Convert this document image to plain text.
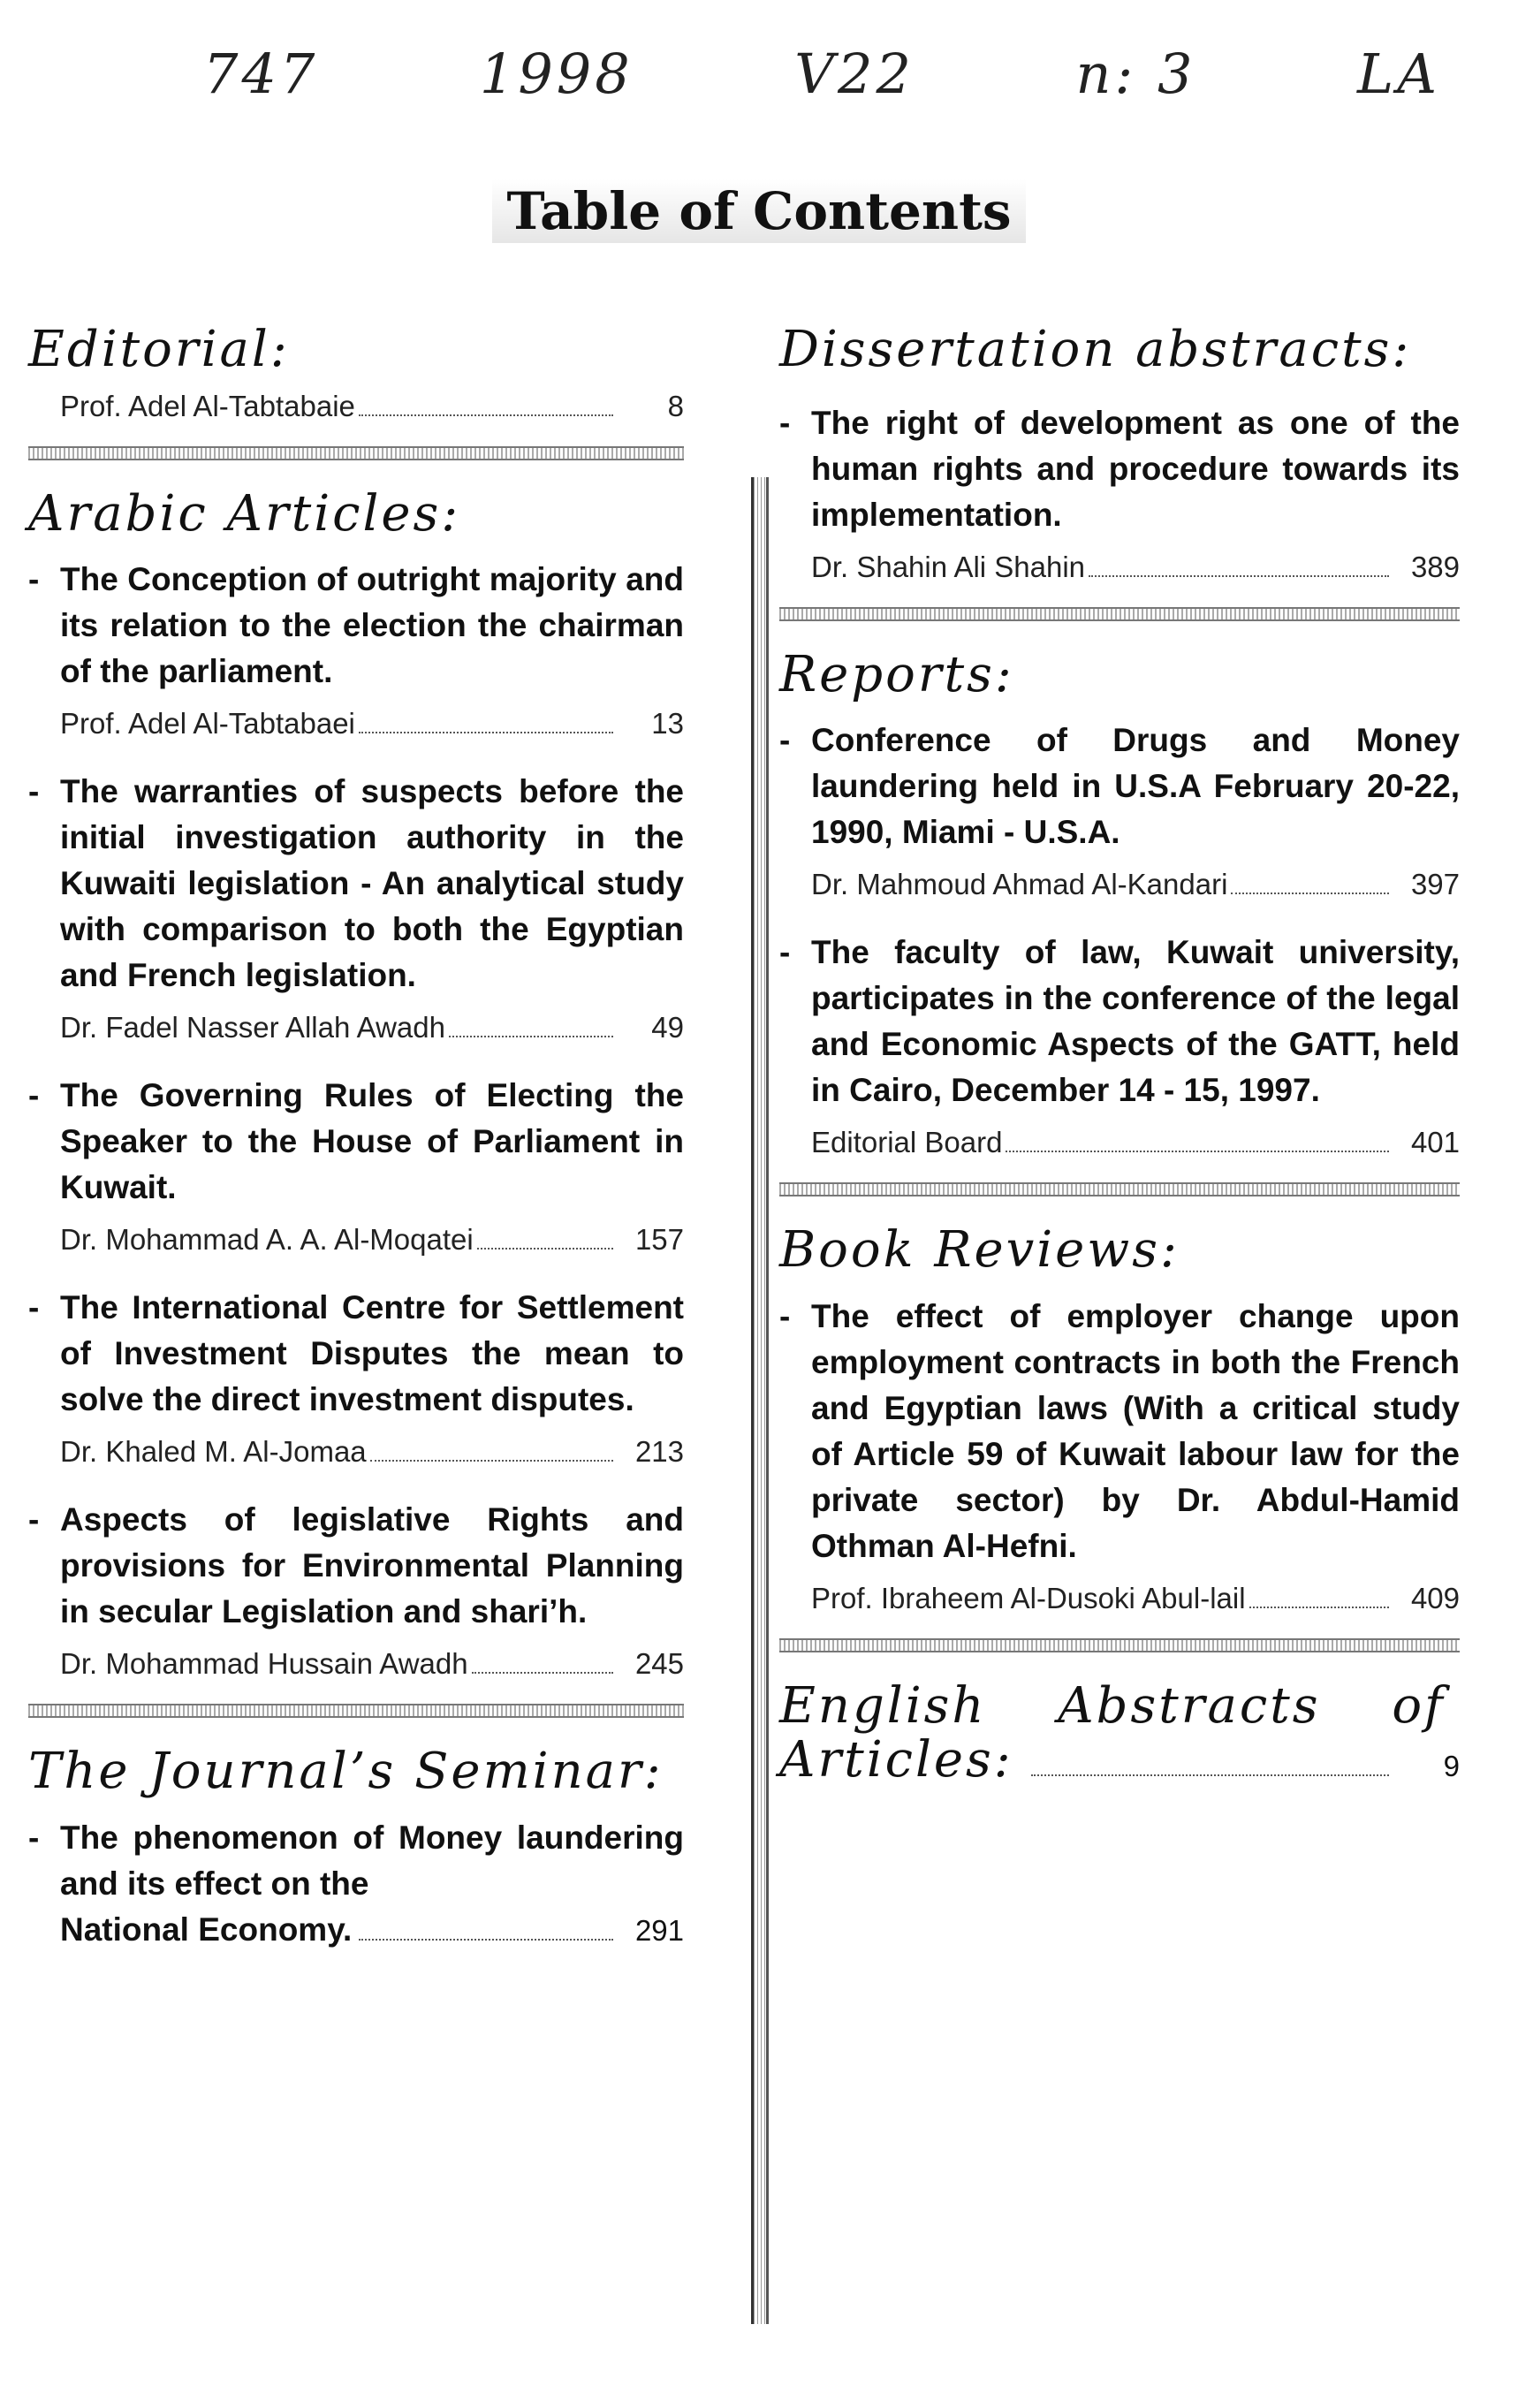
747	1998	V22	n: 3	LA
Table of Contents
Editorial:
Prof. Adel Al-Tabtabaie	8
Arabic Articles:
- The Conception of outright majority and its relation to the election the chairman of the parliament.
Prof. Adel Al-Tabtabaei	13
- The warranties of suspects before the initial investigation authority in the Kuwaiti legislation - An analytical study with comparison to both the Egyptian and French legislation.
Dr. Fadel Nasser Allah Awadh	49
- The Governing Rules of Electing the Speaker to the House of Parliament in Kuwait.
Dr. Mohammad A. A. Al-Moqatei	157
- The International Centre for Settlement of Investment Disputes the mean to solve the direct investment disputes.
Dr. Khaled M. Al-Jomaa	213
- Aspects of legislative Rights and provisions for Environmental Planning in secular Legislation and shari’h.
Dr. Mohammad Hussain Awadh	245
The Journal’s Seminar:
- The phenomenon of Money laundering and its effect on the
National Economy.	291
Dissertation abstracts:
- The right of development as one of the human rights and procedure towards its implementation.
Dr. Shahin Ali Shahin	389
Reports:
- Conference of Drugs and Money laundering held in U.S.A February 20-22, 1990, Miami - U.S.A.
Dr. Mahmoud Ahmad Al-Kandari	397
- The faculty of law, Kuwait university, participates in the conference of the legal and Economic Aspects of the GATT, held in Cairo, December 14 - 15, 1997.
Editorial Board	401
Book Reviews:
- The effect of employer change upon employment contracts in both the French and Egyptian laws (With a critical study of Article 59 of Kuwait labour law for the private sector) by Dr. Abdul-Hamid Othman Al-Hefni.
Prof. Ibraheem Al-Dusoki Abul-lail	409
English Abstracts of
Articles:	9
